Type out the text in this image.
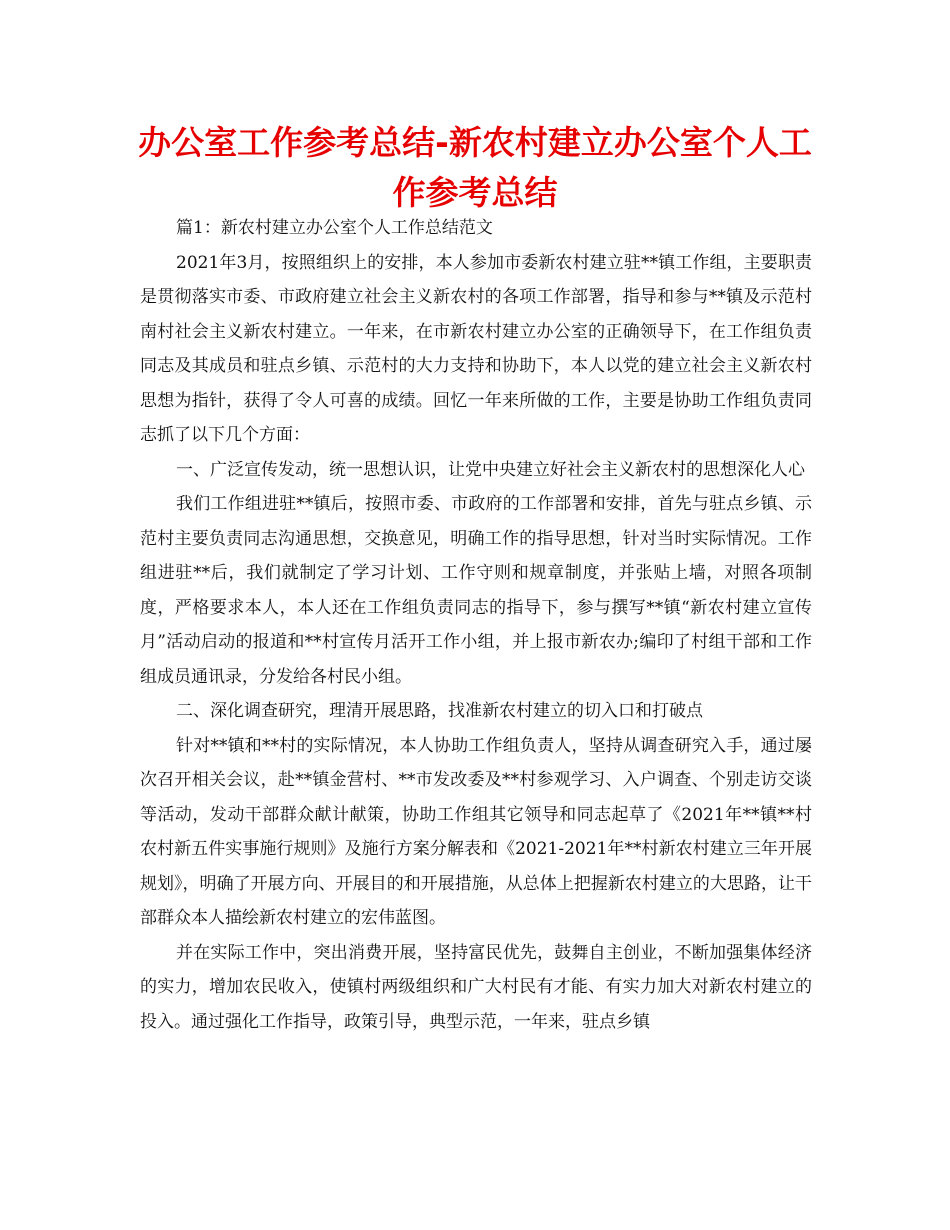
办公室工作参考总结-新农村建立办公室个人工作参考总结

篇1：新农村建立办公室个人工作总结范文

2021年3月，按照组织上的安排，本人参加市委新农村建立驻**镇工作组，主要职责是贯彻落实市委、市政府建立社会主义新农村的各项工作部署，指导和参与**镇及示范村南村社会主义新农村建立。一年来，在市新农村建立办公室的正确领导下，在工作组负责同志及其成员和驻点乡镇、示范村的大力支持和协助下，本人以党的建立社会主义新农村思想为指针，获得了令人可喜的成绩。回忆一年来所做的工作，主要是协助工作组负责同志抓了以下几个方面：

一、广泛宣传发动，统一思想认识，让党中央建立好社会主义新农村的思想深化人心

我们工作组进驻**镇后，按照市委、市政府的工作部署和安排，首先与驻点乡镇、示范村主要负责同志沟通思想，交换意见，明确工作的指导思想，针对当时实际情况。工作组进驻**后，我们就制定了学习计划、工作守则和规章制度，并张贴上墙，对照各项制度，严格要求本人，本人还在工作组负责同志的指导下，参与撰写**镇“新农村建立宣传月”活动启动的报道和**村宣传月活开工作小组，并上报市新农办;编印了村组干部和工作组成员通讯录，分发给各村民小组。

二、深化调查研究，理清开展思路，找准新农村建立的切入口和打破点

针对**镇和**村的实际情况，本人协助工作组负责人，坚持从调查研究入手，通过屡次召开相关会议，赴**镇金营村、**市发改委及**村参观学习、入户调查、个别走访交谈等活动，发动干部群众献计献策，协助工作组其它领导和同志起草了《2021年**镇**村农村新五件实事施行规则》及施行方案分解表和《2021-2021年**村新农村建立三年开展规划》，明确了开展方向、开展目的和开展措施，从总体上把握新农村建立的大思路，让干部群众本人描绘新农村建立的宏伟蓝图。

并在实际工作中，突出消费开展，坚持富民优先，鼓舞自主创业，不断加强集体经济的实力，增加农民收入，使镇村两级组织和广大村民有才能、有实力加大对新农村建立的投入。通过强化工作指导，政策引导，典型示范，一年来，驻点乡镇
